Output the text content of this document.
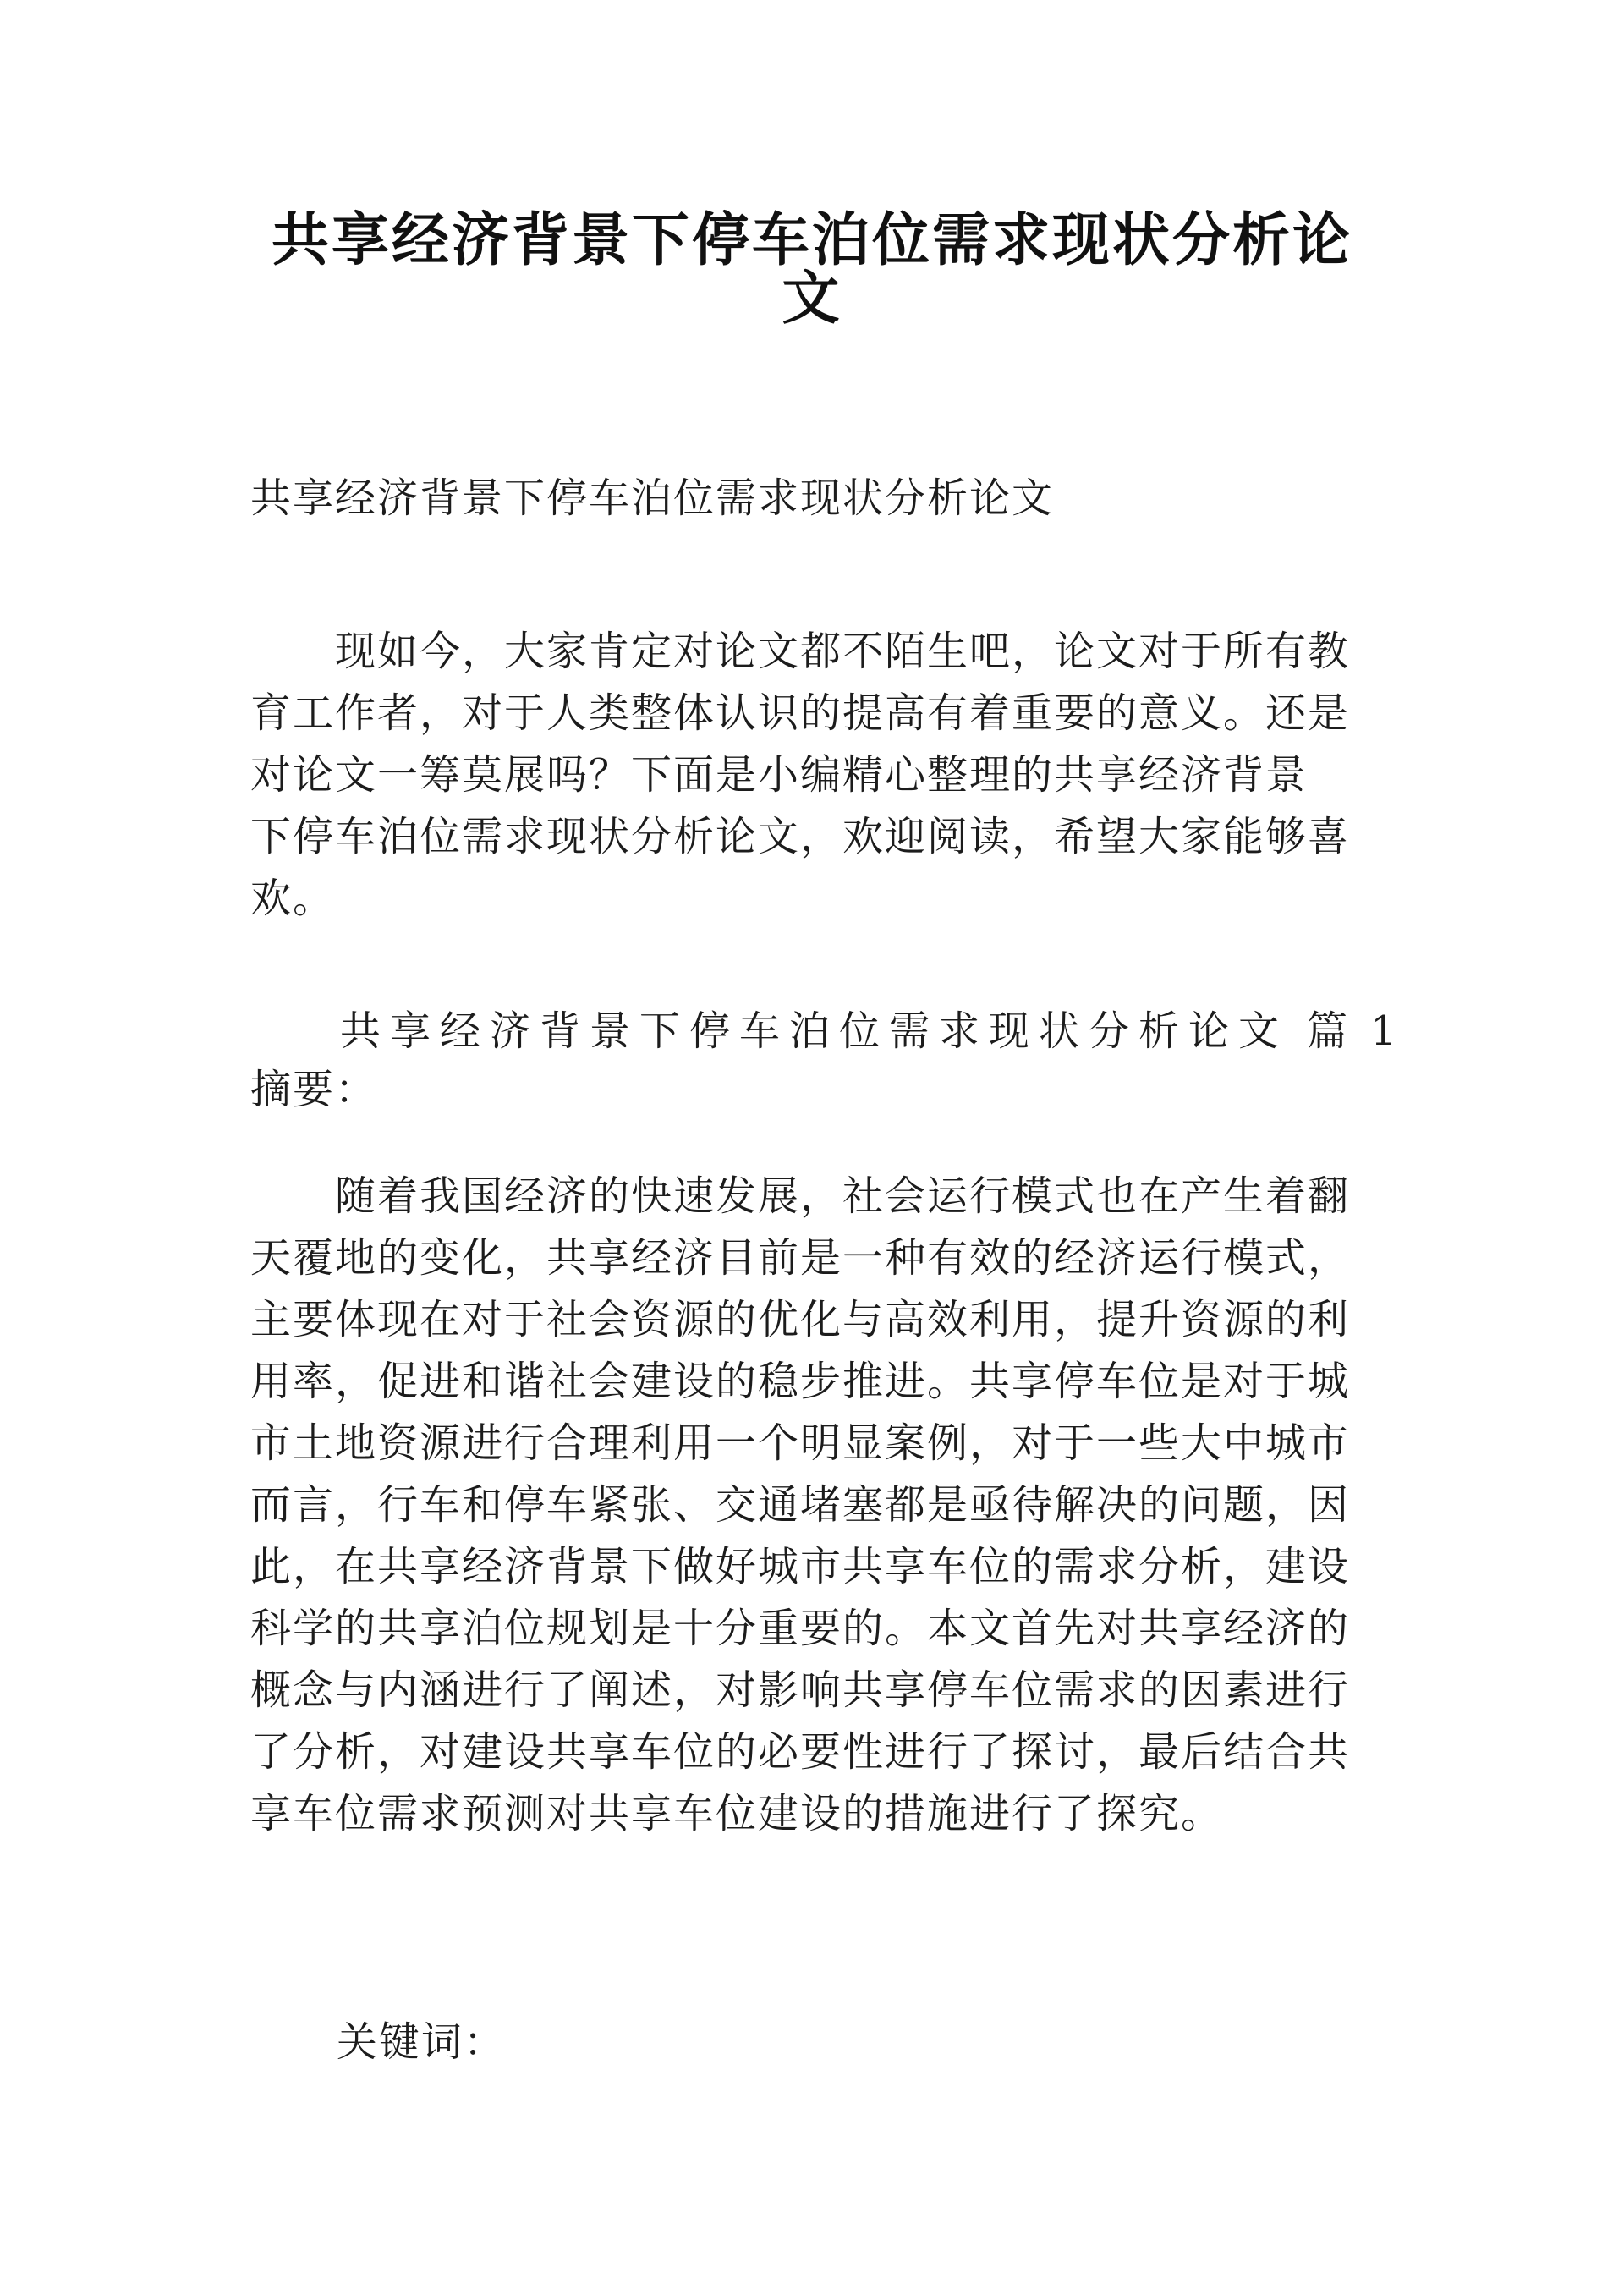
共享经济背景下停车泊位需求现状分析论
文

共享经济背景下停车泊位需求现状分析论文

现如今，大家肯定对论文都不陌生吧，论文对于所有教
育工作者，对于人类整体认识的提高有着重要的意义。还是
对论文一筹莫展吗？下面是小编精心整理的共享经济背景
下停车泊位需求现状分析论文，欢迎阅读，希望大家能够喜
欢。

共享经济背景下停车泊位需求现状分析论文 篇 1

摘要：

随着我国经济的快速发展，社会运行模式也在产生着翻
天覆地的变化，共享经济目前是一种有效的经济运行模式，
主要体现在对于社会资源的优化与高效利用，提升资源的利
用率，促进和谐社会建设的稳步推进。共享停车位是对于城
市土地资源进行合理利用一个明显案例，对于一些大中城市
而言，行车和停车紧张、交通堵塞都是亟待解决的问题，因
此，在共享经济背景下做好城市共享车位的需求分析，建设
科学的共享泊位规划是十分重要的。本文首先对共享经济的
概念与内涵进行了阐述，对影响共享停车位需求的因素进行
了分析，对建设共享车位的必要性进行了探讨，最后结合共
享车位需求预测对共享车位建设的措施进行了探究。

关键词：
